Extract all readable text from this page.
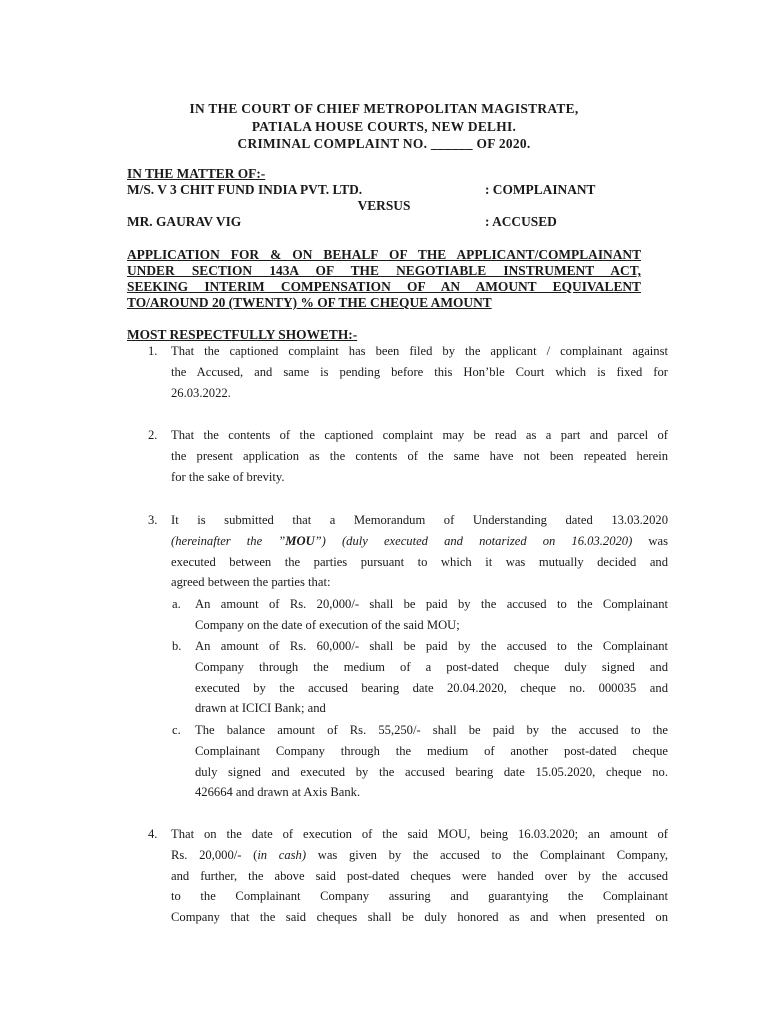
IN THE COURT OF CHIEF METROPOLITAN MAGISTRATE,
PATIALA HOUSE COURTS, NEW DELHI.
CRIMINAL COMPLAINT NO. ______ OF 2020.
IN THE MATTER OF:-
M/S. V 3 CHIT FUND INDIA PVT. LTD.	: COMPLAINANT
VERSUS
MR. GAURAV VIG	: ACCUSED
APPLICATION FOR & ON BEHALF OF THE APPLICANT/COMPLAINANT
UNDER SECTION 143A OF THE NEGOTIABLE INSTRUMENT ACT,
SEEKING INTERIM COMPENSATION OF AN AMOUNT EQUIVALENT
TO/AROUND 20 (TWENTY) % OF THE CHEQUE AMOUNT
MOST RESPECTFULLY SHOWETH:-
1. That the captioned complaint has been filed by the applicant / complainant against
the Accused, and same is pending before this Hon’ble Court which is fixed for
26.03.2022.
2. That the contents of the captioned complaint may be read as a part and parcel of
the present application as the contents of the same have not been repeated herein
for the sake of brevity.
3. It is submitted that a Memorandum of Understanding dated 13.03.2020
(hereinafter the ”MOU”) (duly executed and notarized on 16.03.2020) was
executed between the parties pursuant to which it was mutually decided and
agreed between the parties that:
a. An amount of Rs. 20,000/- shall be paid by the accused to the Complainant
Company on the date of execution of the said MOU;
b. An amount of Rs. 60,000/- shall be paid by the accused to the Complainant
Company through the medium of a post-dated cheque duly signed and
executed by the accused bearing date 20.04.2020, cheque no. 000035 and
drawn at ICICI Bank; and
c. The balance amount of Rs. 55,250/- shall be paid by the accused to the
Complainant Company through the medium of another post-dated cheque
duly signed and executed by the accused bearing date 15.05.2020, cheque no.
426664 and drawn at Axis Bank.
4. That on the date of execution of the said MOU, being 16.03.2020; an amount of
Rs. 20,000/- (in cash) was given by the accused to the Complainant Company,
and further, the above said post-dated cheques were handed over by the accused
to the Complainant Company assuring and guarantying the Complainant
Company that the said cheques shall be duly honored as and when presented on
